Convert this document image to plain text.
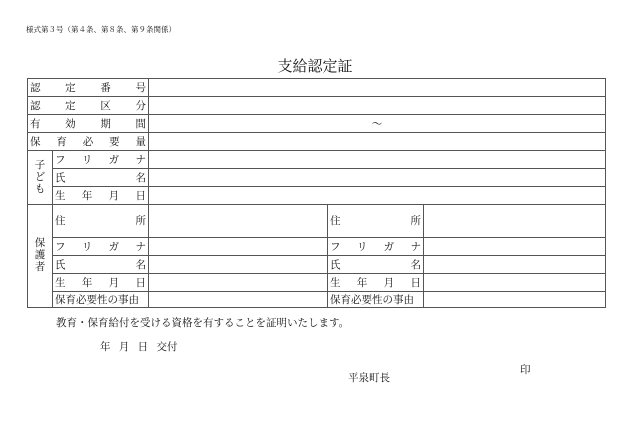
様式第３号（第４条、第８条、第９条関係）
支給認定証
認　定　番　号				
認　定　区　分				
有　効　期　間		～		
保　育　必　要　量				
子ども	フ　リ　ガ　ナ			
	氏　名			
	生　年　月　日			
保護者	住　所		住　所	
	フ　リ　ガ　ナ		フ　リ　ガ　ナ	
	氏　名		氏　名	
	生　年　月　日		生　年　月　日	
	保育必要性の事由		保育必要性の事由	
教育・保育給付を受ける資格を有することを証明いたします。
年 月 日 交付
印
平泉町長
